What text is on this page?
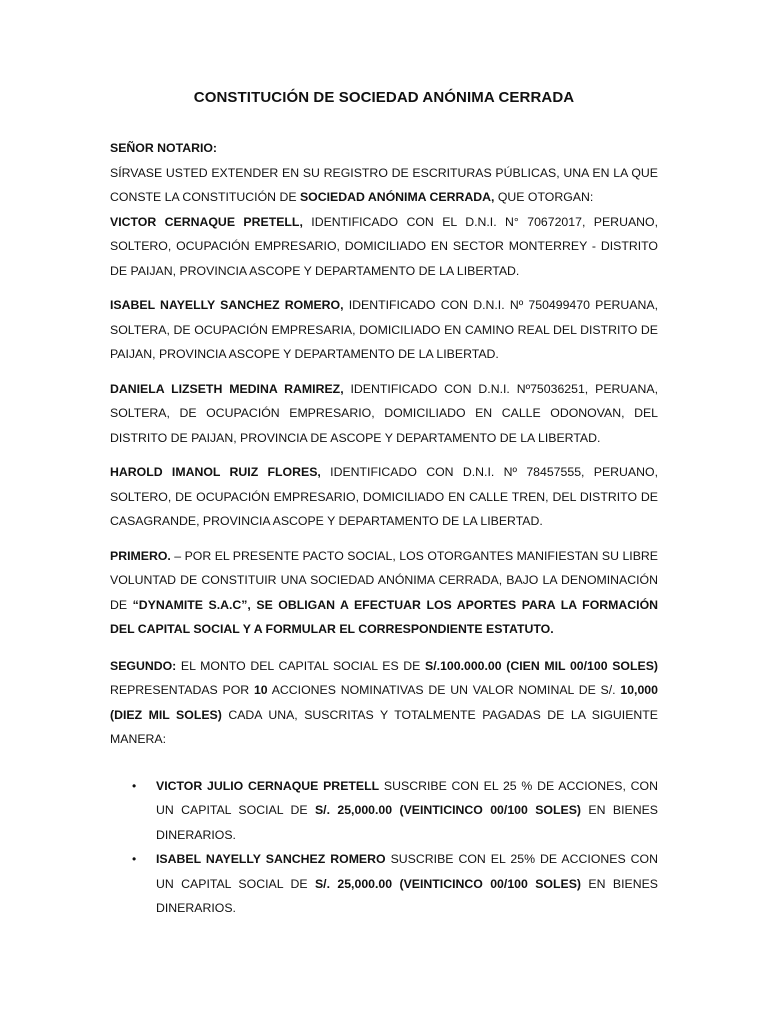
CONSTITUCIÓN DE SOCIEDAD ANÓNIMA CERRADA

SEÑOR NOTARIO:

SÍRVASE USTED EXTENDER EN SU REGISTRO DE ESCRITURAS PÚBLICAS, UNA EN LA QUE CONSTE LA CONSTITUCIÓN DE SOCIEDAD ANÓNIMA CERRADA, QUE OTORGAN:

VICTOR CERNAQUE PRETELL, IDENTIFICADO CON EL D.N.I. N° 70672017, PERUANO, SOLTERO, OCUPACIÓN EMPRESARIO, DOMICILIADO EN SECTOR MONTERREY - DISTRITO DE PAIJAN, PROVINCIA ASCOPE Y DEPARTAMENTO DE LA LIBERTAD.

ISABEL NAYELLY SANCHEZ ROMERO, IDENTIFICADO CON D.N.I. Nº 750499470 PERUANA, SOLTERA, DE OCUPACIÓN EMPRESARIA, DOMICILIADO EN CAMINO REAL DEL DISTRITO DE PAIJAN, PROVINCIA ASCOPE Y DEPARTAMENTO DE LA LIBERTAD.

DANIELA LIZSETH MEDINA RAMIREZ, IDENTIFICADO CON D.N.I. Nº75036251, PERUANA, SOLTERA, DE OCUPACIÓN EMPRESARIO, DOMICILIADO EN CALLE ODONOVAN, DEL DISTRITO DE PAIJAN, PROVINCIA DE ASCOPE Y DEPARTAMENTO DE LA LIBERTAD.

HAROLD IMANOL RUIZ FLORES, IDENTIFICADO CON D.N.I. Nº 78457555, PERUANO, SOLTERO, DE OCUPACIÓN EMPRESARIO, DOMICILIADO EN CALLE TREN, DEL DISTRITO DE CASAGRANDE, PROVINCIA ASCOPE Y DEPARTAMENTO DE LA LIBERTAD.

PRIMERO. – POR EL PRESENTE PACTO SOCIAL, LOS OTORGANTES MANIFIESTAN SU LIBRE VOLUNTAD DE CONSTITUIR UNA SOCIEDAD ANÓNIMA CERRADA, BAJO LA DENOMINACIÓN DE “DYNAMITE S.A.C”, SE OBLIGAN A EFECTUAR LOS APORTES PARA LA FORMACIÓN DEL CAPITAL SOCIAL Y A FORMULAR EL CORRESPONDIENTE ESTATUTO.

SEGUNDO: EL MONTO DEL CAPITAL SOCIAL ES DE S/.100.000.00 (CIEN MIL 00/100 SOLES) REPRESENTADAS POR 10 ACCIONES NOMINATIVAS DE UN VALOR NOMINAL DE S/. 10,000 (DIEZ MIL SOLES) CADA UNA, SUSCRITAS Y TOTALMENTE PAGADAS DE LA SIGUIENTE MANERA:

• VICTOR JULIO CERNAQUE PRETELL SUSCRIBE CON EL 25 % DE ACCIONES, CON UN CAPITAL SOCIAL DE S/. 25,000.00 (VEINTICINCO 00/100 SOLES) EN BIENES DINERARIOS.
• ISABEL NAYELLY SANCHEZ ROMERO SUSCRIBE CON EL 25% DE ACCIONES CON UN CAPITAL SOCIAL DE S/. 25,000.00 (VEINTICINCO 00/100 SOLES) EN BIENES DINERARIOS.
